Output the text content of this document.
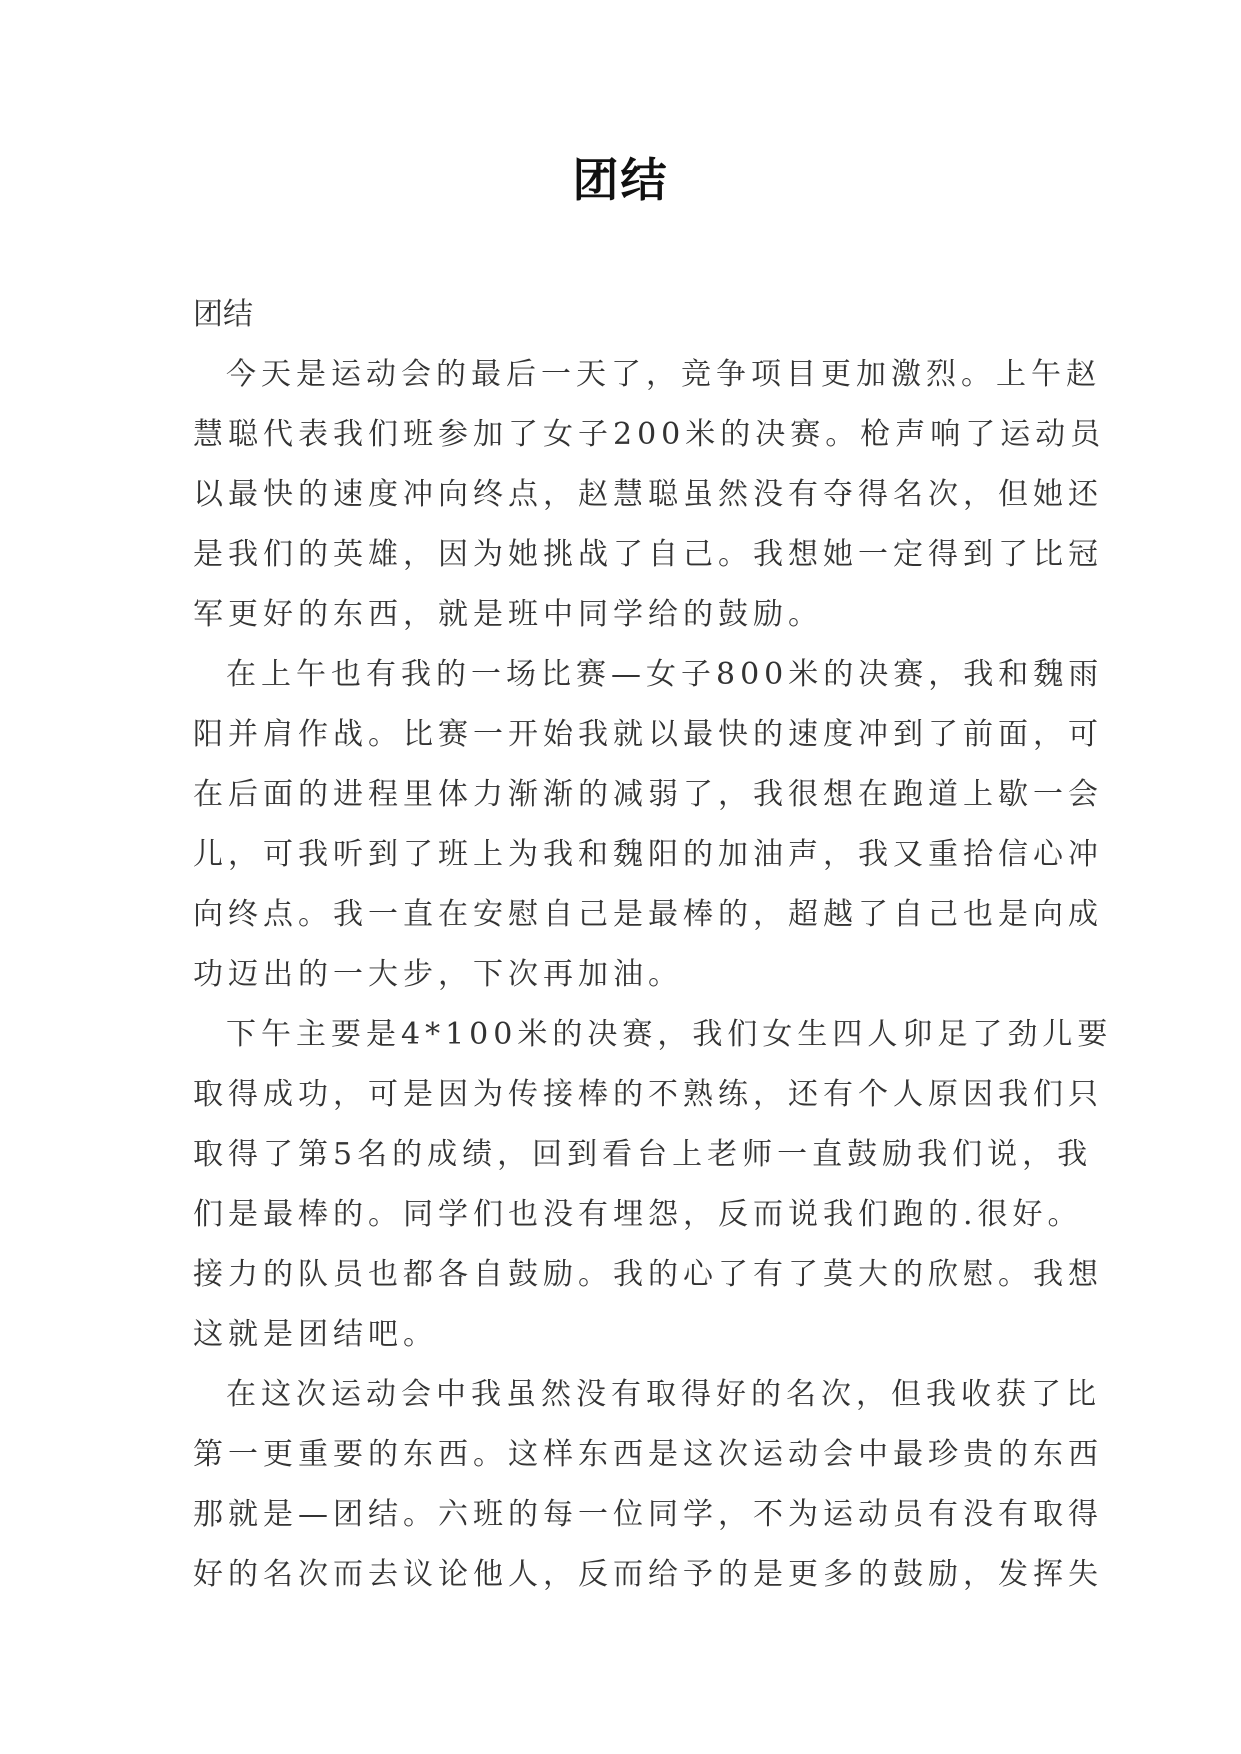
团结

团结

今天是运动会的最后一天了，竞争项目更加激烈。上午赵
慧聪代表我们班参加了女子200米的决赛。枪声响了运动员
以最快的速度冲向终点，赵慧聪虽然没有夺得名次，但她还
是我们的英雄，因为她挑战了自己。我想她一定得到了比冠
军更好的东西，就是班中同学给的鼓励。

在上午也有我的一场比赛—女子800米的决赛，我和魏雨
阳并肩作战。比赛一开始我就以最快的速度冲到了前面，可
在后面的进程里体力渐渐的减弱了，我很想在跑道上歇一会
儿，可我听到了班上为我和魏阳的加油声，我又重拾信心冲
向终点。我一直在安慰自己是最棒的，超越了自己也是向成
功迈出的一大步，下次再加油。

下午主要是4*100米的决赛，我们女生四人卯足了劲儿要
取得成功，可是因为传接棒的不熟练，还有个人原因我们只
取得了第5名的成绩，回到看台上老师一直鼓励我们说，我
们是最棒的。同学们也没有埋怨，反而说我们跑的.很好。
接力的队员也都各自鼓励。我的心了有了莫大的欣慰。我想
这就是团结吧。

在这次运动会中我虽然没有取得好的名次，但我收获了比
第一更重要的东西。这样东西是这次运动会中最珍贵的东西
那就是—团结。六班的每一位同学，不为运动员有没有取得
好的名次而去议论他人，反而给予的是更多的鼓励，发挥失
